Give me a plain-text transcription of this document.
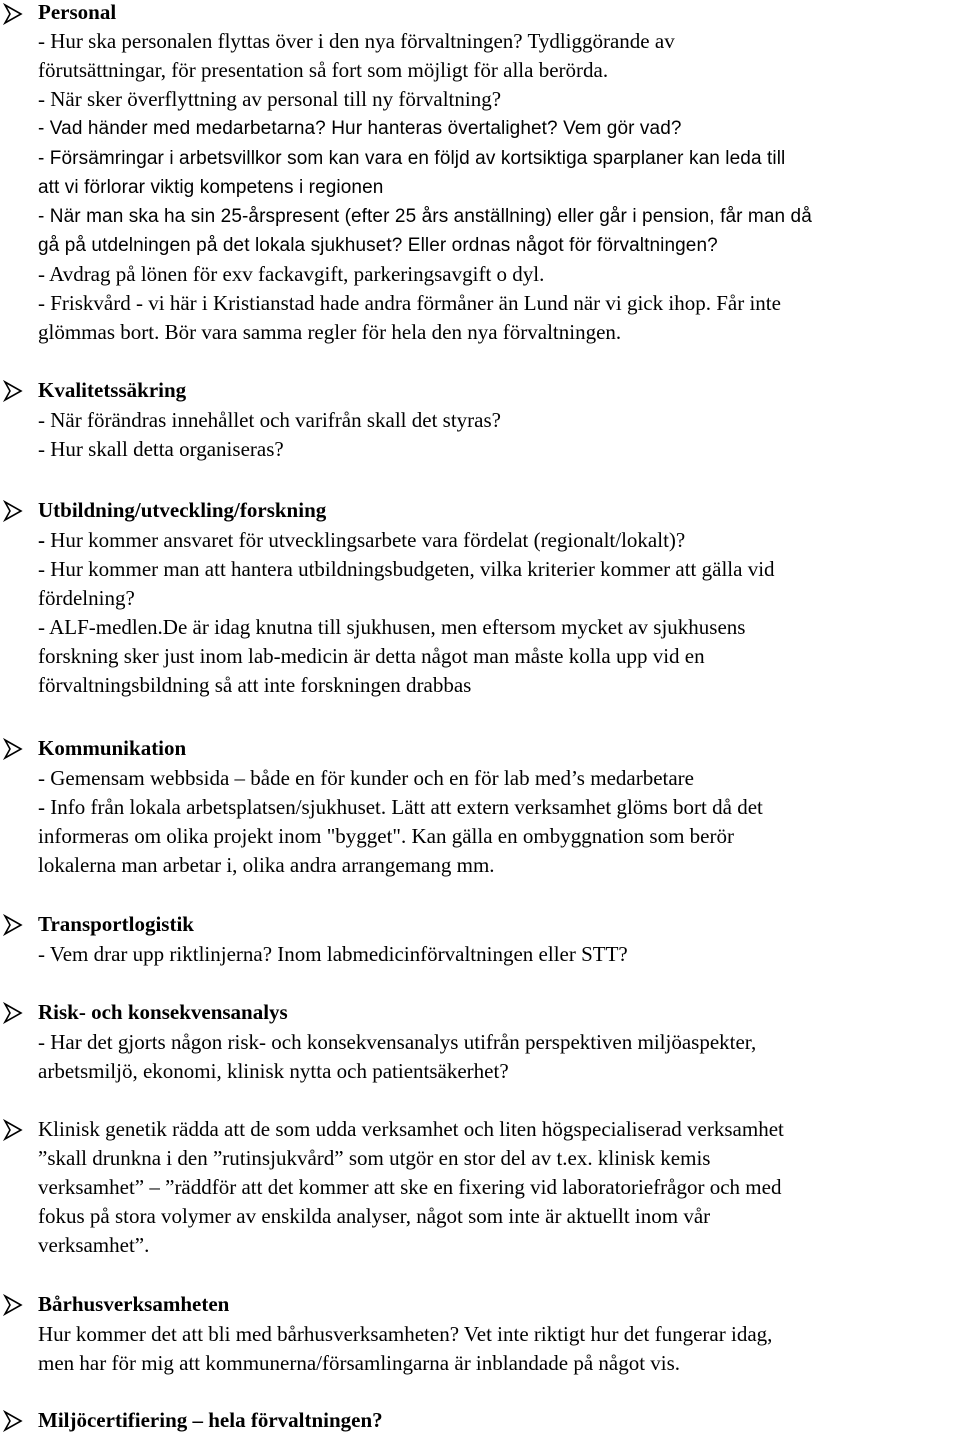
Personal
- Hur ska personalen flyttas över i den nya förvaltningen? Tydliggörande av
förutsättningar, för presentation så fort som möjligt för alla berörda.
- När sker överflyttning av personal till ny förvaltning?
- Vad händer med medarbetarna? Hur hanteras övertalighet? Vem gör vad?
- Försämringar i arbetsvillkor som kan vara en följd av kortsiktiga sparplaner kan leda till
att vi förlorar viktig kompetens i regionen
- När man ska ha sin 25-årspresent (efter 25 års anställning) eller går i pension, får man då
gå på utdelningen på det lokala sjukhuset? Eller ordnas något för förvaltningen?
- Avdrag på lönen för exv fackavgift, parkeringsavgift o dyl.
- Friskvård - vi här i Kristianstad hade andra förmåner än Lund när vi gick ihop. Får inte
glömmas bort. Bör vara samma regler för hela den nya förvaltningen.
Kvalitetssäkring
- När förändras innehållet och varifrån skall det styras?
- Hur skall detta organiseras?
Utbildning/utveckling/forskning
- Hur kommer ansvaret för utvecklingsarbete vara fördelat (regionalt/lokalt)?
- Hur kommer man att hantera utbildningsbudgeten, vilka kriterier kommer att gälla vid
fördelning?
- ALF-medlen.De är idag knutna till sjukhusen, men eftersom mycket av sjukhusens
forskning sker just inom lab-medicin är detta något man måste kolla upp vid en
förvaltningsbildning så att inte forskningen drabbas
Kommunikation
- Gemensam webbsida – både en för kunder och en för lab med’s medarbetare
- Info från lokala arbetsplatsen/sjukhuset. Lätt att extern verksamhet glöms bort då det
informeras om olika projekt inom "bygget". Kan gälla en ombyggnation som berör
lokalerna man arbetar i, olika andra arrangemang mm.
Transportlogistik
- Vem drar upp riktlinjerna? Inom labmedicinförvaltningen eller STT?
Risk- och konsekvensanalys
- Har det gjorts någon risk- och konsekvensanalys utifrån perspektiven miljöaspekter,
arbetsmiljö, ekonomi, klinisk nytta och patientsäkerhet?
Klinisk genetik rädda att de som udda verksamhet och liten högspecialiserad verksamhet
”skall drunkna i den ”rutinsjukvård” som utgör en stor del av t.ex. klinisk kemis
verksamhet” – ”räddför att det kommer att ske en fixering vid laboratoriefrågor och med
fokus på stora volymer av enskilda analyser, något som inte är aktuellt inom vår
verksamhet”.
Bårhusverksamheten
Hur kommer det att bli med bårhusverksamheten? Vet inte riktigt hur det fungerar idag,
men har för mig att kommunerna/församlingarna är inblandade på något vis.
Miljöcertifiering – hela förvaltningen?
